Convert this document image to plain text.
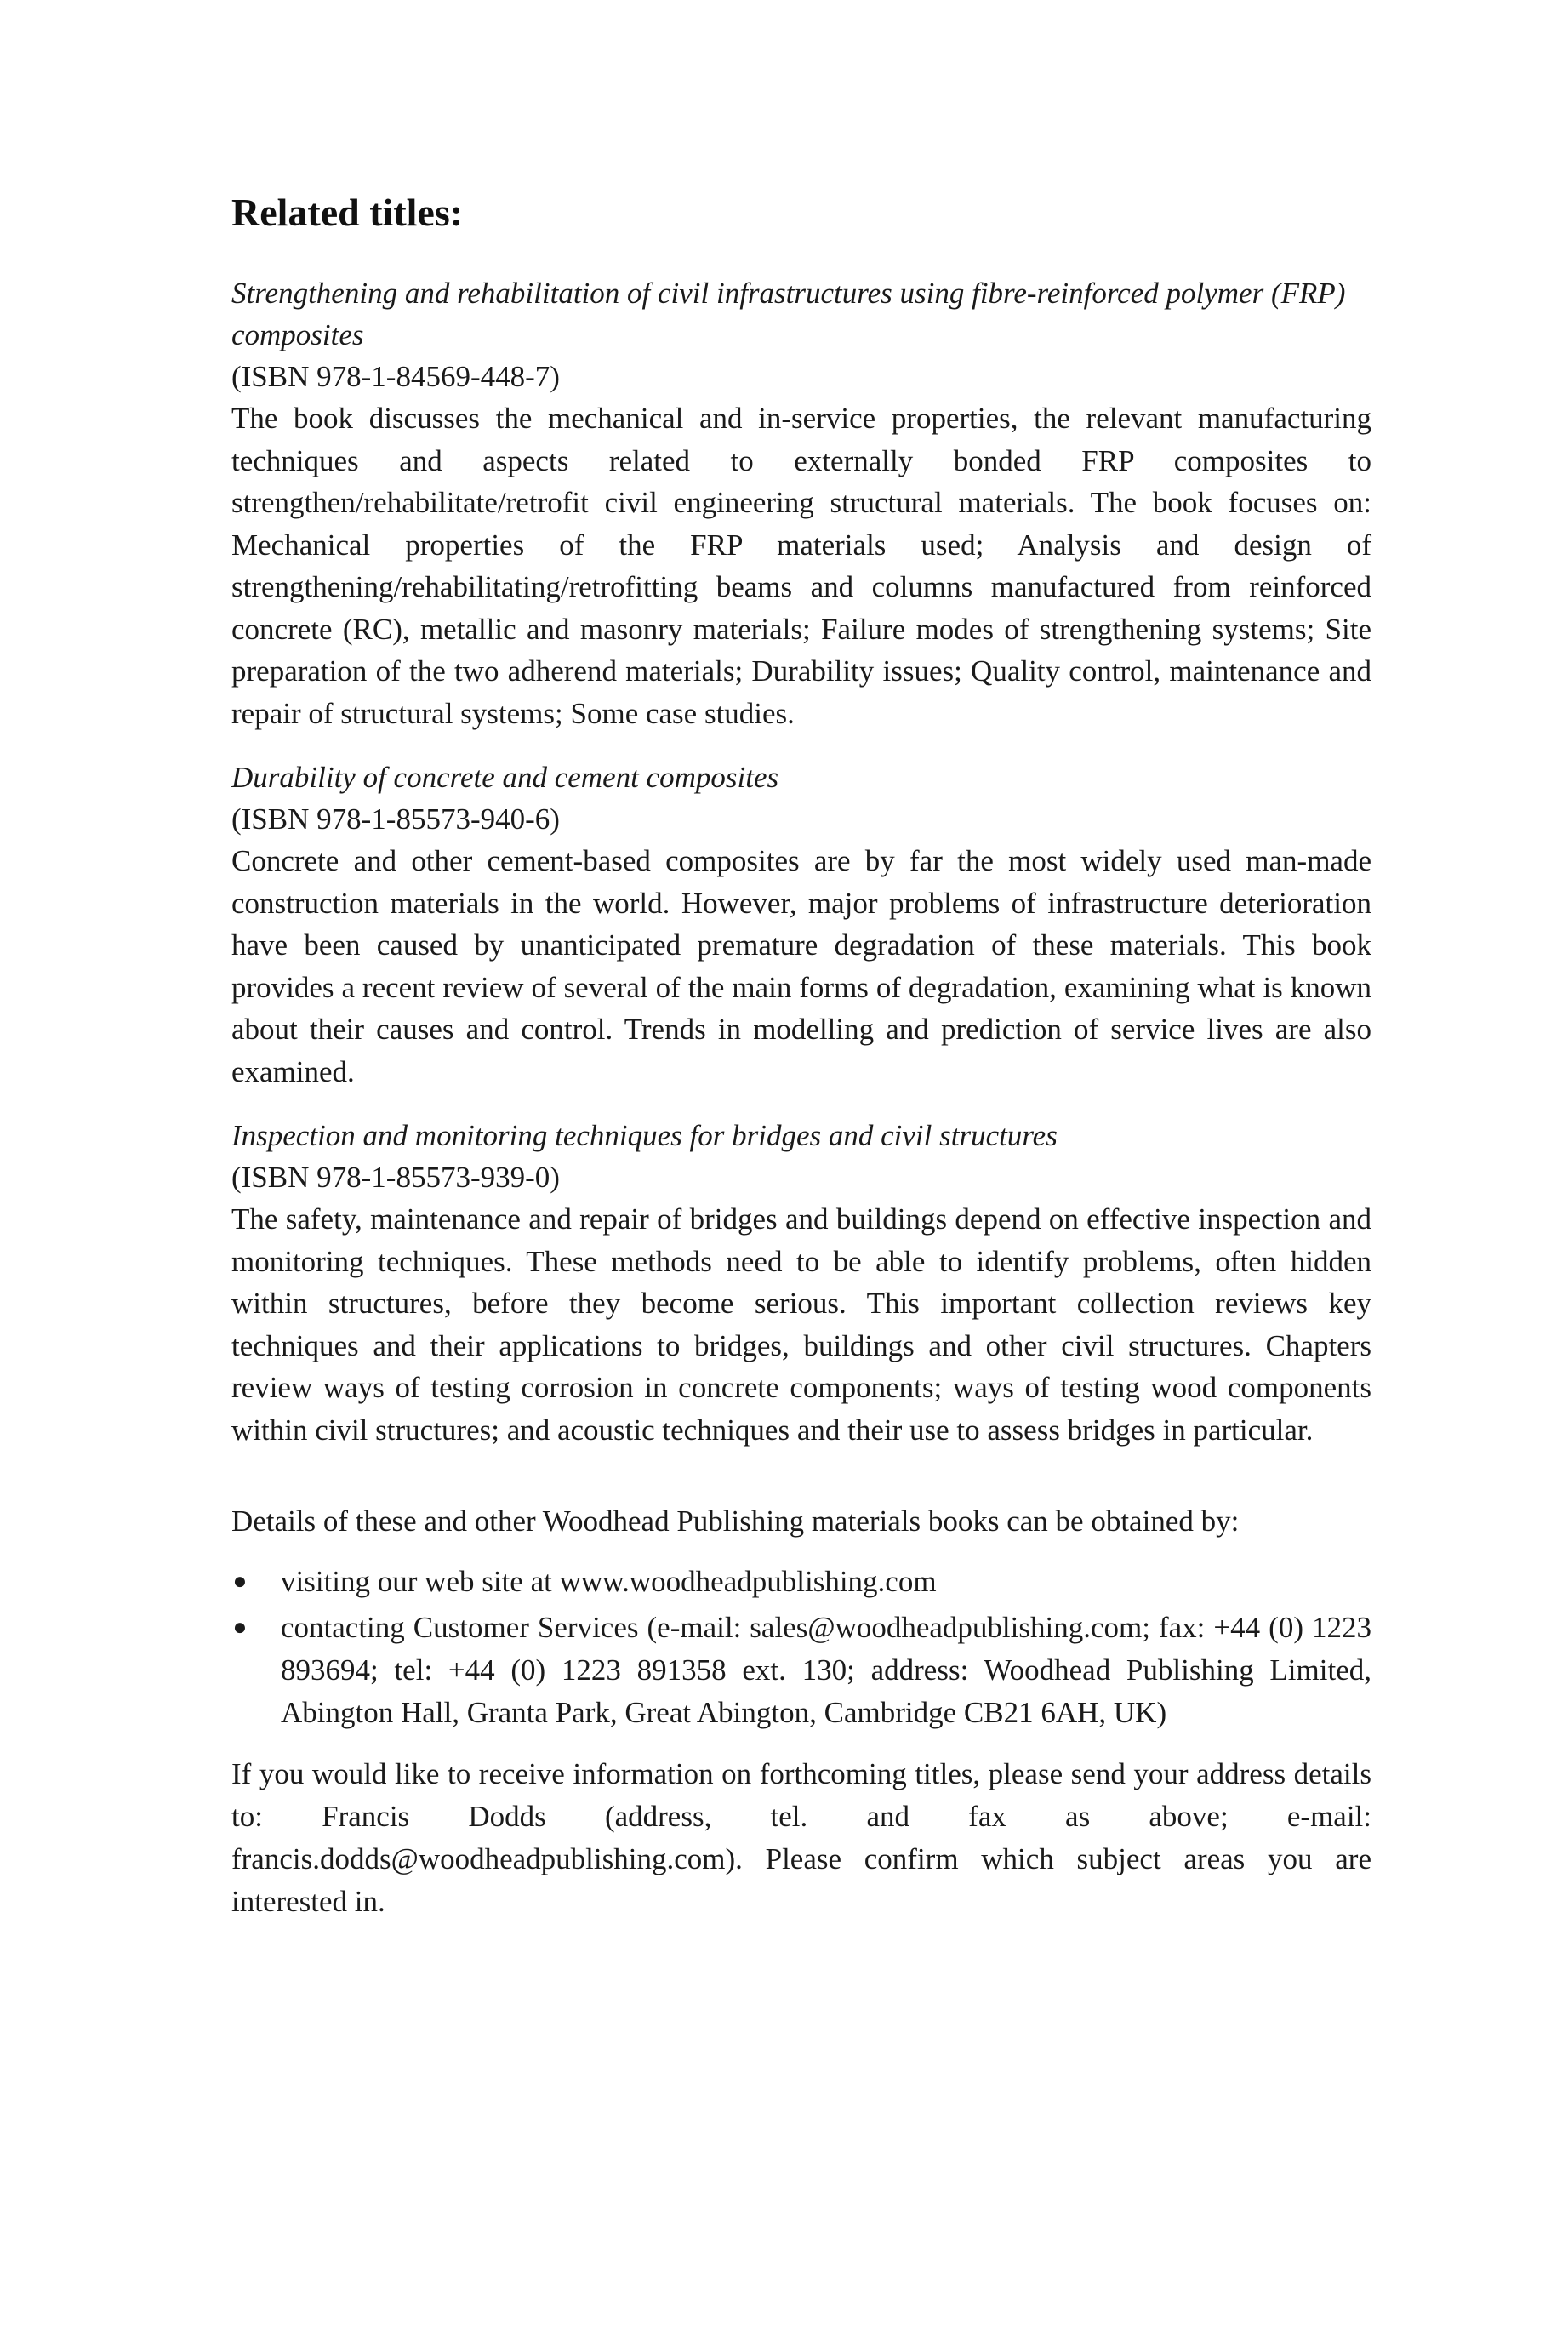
Related titles:

Strengthening and rehabilitation of civil infrastructures using fibre-reinforced polymer (FRP) composites

(ISBN 978-1-84569-448-7)

The book discusses the mechanical and in-service properties, the relevant manufacturing techniques and aspects related to externally bonded FRP composites to strengthen/rehabilitate/retrofit civil engineering structural materials. The book focuses on: Mechanical properties of the FRP materials used; Analysis and design of strengthening/rehabilitating/retrofitting beams and columns manufactured from reinforced concrete (RC), metallic and masonry materials; Failure modes of strengthening systems; Site preparation of the two adherend materials; Durability issues; Quality control, maintenance and repair of structural systems; Some case studies.

Durability of concrete and cement composites

(ISBN 978-1-85573-940-6)

Concrete and other cement-based composites are by far the most widely used man-made construction materials in the world. However, major problems of infrastructure deterioration have been caused by unanticipated premature degradation of these materials. This book provides a recent review of several of the main forms of degradation, examining what is known about their causes and control. Trends in modelling and prediction of service lives are also examined.

Inspection and monitoring techniques for bridges and civil structures

(ISBN 978-1-85573-939-0)

The safety, maintenance and repair of bridges and buildings depend on effective inspection and monitoring techniques. These methods need to be able to identify problems, often hidden within structures, before they become serious. This important collection reviews key techniques and their applications to bridges, buildings and other civil structures. Chapters review ways of testing corrosion in concrete components; ways of testing wood components within civil structures; and acoustic techniques and their use to assess bridges in particular.

Details of these and other Woodhead Publishing materials books can be obtained by:

● visiting our web site at www.woodheadpublishing.com
● contacting Customer Services (e-mail: sales@woodheadpublishing.com; fax: +44 (0) 1223 893694; tel: +44 (0) 1223 891358 ext. 130; address: Woodhead Publishing Limited, Abington Hall, Granta Park, Great Abington, Cambridge CB21 6AH, UK)

If you would like to receive information on forthcoming titles, please send your address details to: Francis Dodds (address, tel. and fax as above; e-mail: francis.dodds@woodheadpublishing.com). Please confirm which subject areas you are interested in.
